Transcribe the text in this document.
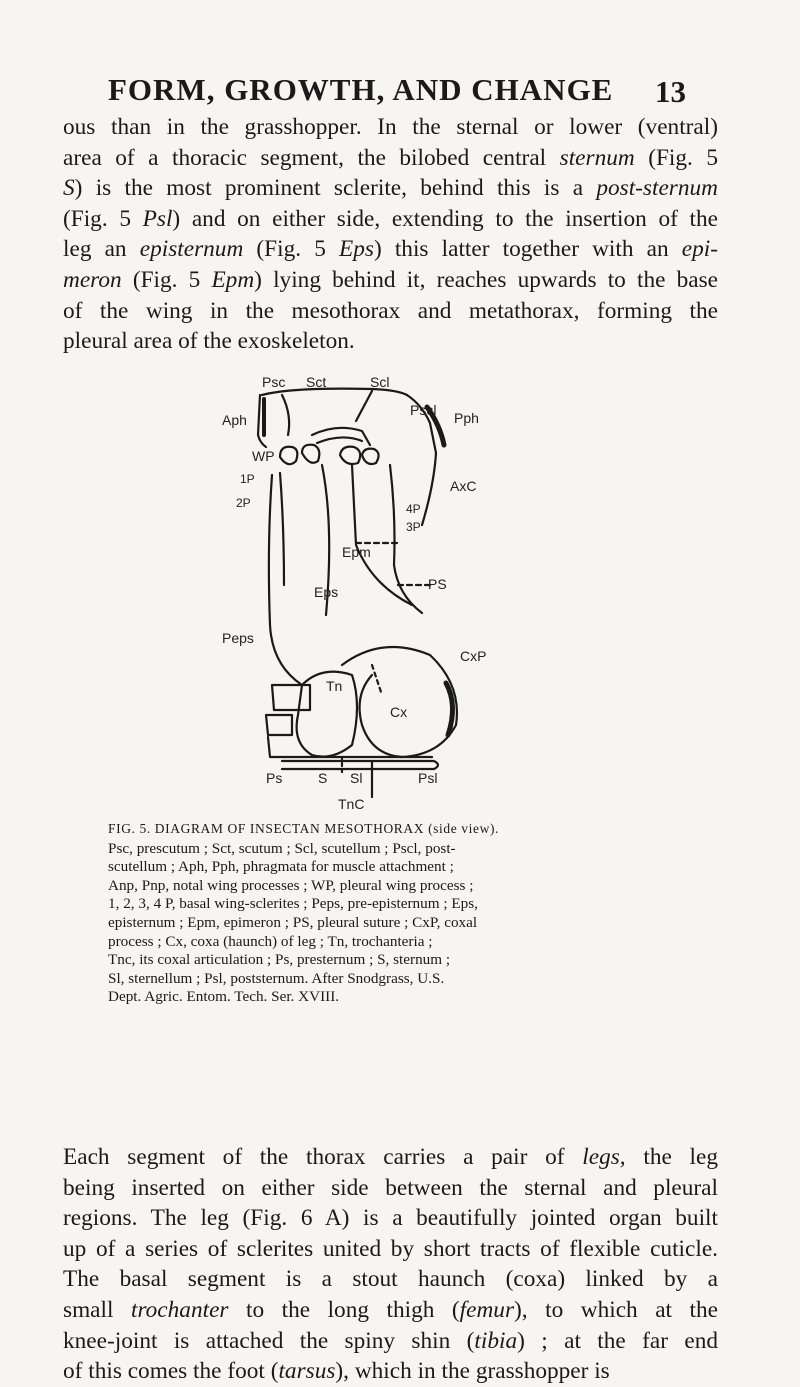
FORM, GROWTH, AND CHANGE 13

ous than in the grasshopper. In the sternal or lower (ventral)
area of a thoracic segment, the bilobed central sternum (Fig. 5
S) is the most prominent sclerite, behind this is a post-sternum
(Fig. 5 Psl) and on either side, extending to the insertion of the
leg an episternum (Fig. 5 Eps) this latter together with an epi-
meron (Fig. 5 Epm) lying behind it, reaches upwards to the base
of the wing in the mesothorax and metathorax, forming the
pleural area of the exoskeleton.

Psc Sct	Scl
Pscl
Aph	Pph
WP
1P
2P
AxC
4P
3P
Epm
Eps	PS
Peps
CxP
Tn
Cx
Ps	S Sl	Psl
TnC

FIG. 5. DIAGRAM OF INSECTAN MESOTHORAX (side view).
Psc, prescutum ; Sct, scutum ; Scl, scutellum ; Pscl, post-
scutellum ; Aph, Pph, phragmata for muscle attachment ;
Anp, Pnp, notal wing processes ; WP, pleural wing process ;
1, 2, 3, 4 P, basal wing-sclerites ; Peps, pre-episternum ; Eps,
episternum ; Epm, epimeron ; PS, pleural suture ; CxP, coxal
process ; Cx, coxa (haunch) of leg ; Tn, trochanteria ;
Tnc, its coxal articulation ; Ps, presternum ; S, sternum ;
Sl, sternellum ; Psl, poststernum. After Snodgrass, U.S.
Dept. Agric. Entom. Tech. Ser. XVIII.

Each segment of the thorax carries a pair of legs, the leg
being inserted on either side between the sternal and pleural
regions. The leg (Fig. 6 A) is a beautifully jointed organ built
up of a series of sclerites united by short tracts of flexible cuticle.
The basal segment is a stout haunch (coxa) linked by a
small trochanter to the long thigh (femur), to which at the
knee-joint is attached the spiny shin (tibia) ; at the far end
of this comes the foot (tarsus), which in the grasshopper is
